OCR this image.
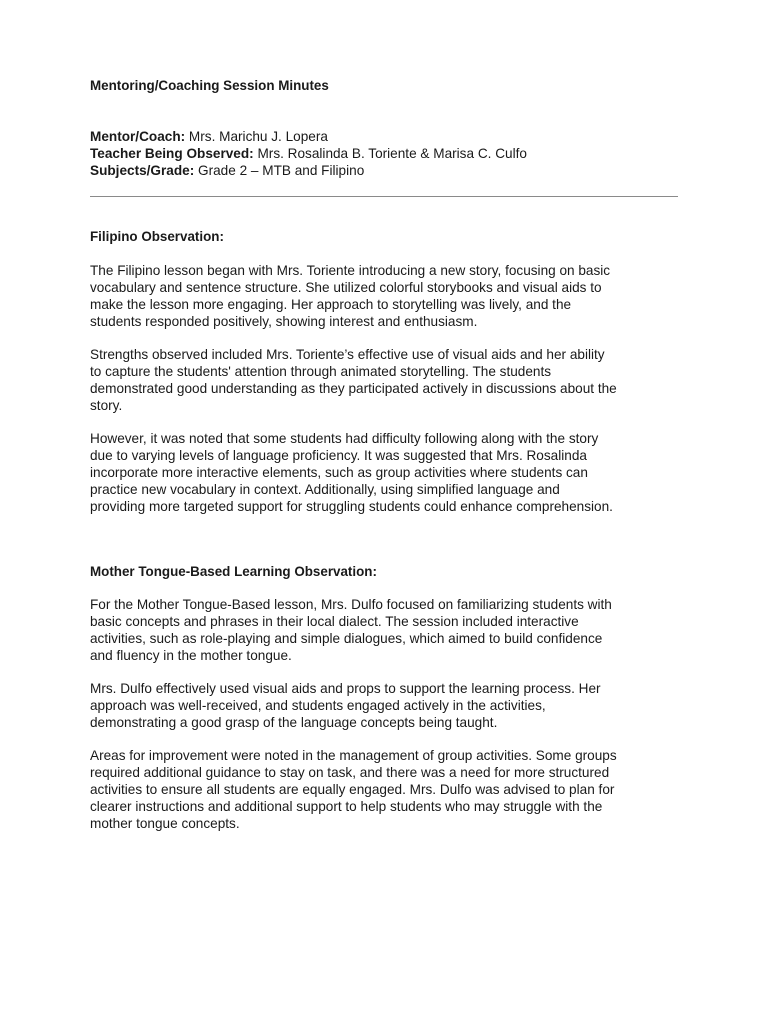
Mentoring/Coaching Session Minutes
Mentor/Coach: Mrs. Marichu J. Lopera
Teacher Being Observed: Mrs. Rosalinda B. Toriente & Marisa C. Culfo
Subjects/Grade: Grade 2 – MTB and Filipino
Filipino Observation:

The Filipino lesson began with Mrs. Toriente introducing a new story, focusing on basic
vocabulary and sentence structure. She utilized colorful storybooks and visual aids to
make the lesson more engaging. Her approach to storytelling was lively, and the
students responded positively, showing interest and enthusiasm.

Strengths observed included Mrs. Toriente’s effective use of visual aids and her ability
to capture the students' attention through animated storytelling. The students
demonstrated good understanding as they participated actively in discussions about the
story.

However, it was noted that some students had difficulty following along with the story
due to varying levels of language proficiency. It was suggested that Mrs. Rosalinda
incorporate more interactive elements, such as group activities where students can
practice new vocabulary in context. Additionally, using simplified language and
providing more targeted support for struggling students could enhance comprehension.

Mother Tongue-Based Learning Observation:

For the Mother Tongue-Based lesson, Mrs. Dulfo focused on familiarizing students with
basic concepts and phrases in their local dialect. The session included interactive
activities, such as role-playing and simple dialogues, which aimed to build confidence
and fluency in the mother tongue.

Mrs. Dulfo effectively used visual aids and props to support the learning process. Her
approach was well-received, and students engaged actively in the activities,
demonstrating a good grasp of the language concepts being taught.

Areas for improvement were noted in the management of group activities. Some groups
required additional guidance to stay on task, and there was a need for more structured
activities to ensure all students are equally engaged. Mrs. Dulfo was advised to plan for
clearer instructions and additional support to help students who may struggle with the
mother tongue concepts.
